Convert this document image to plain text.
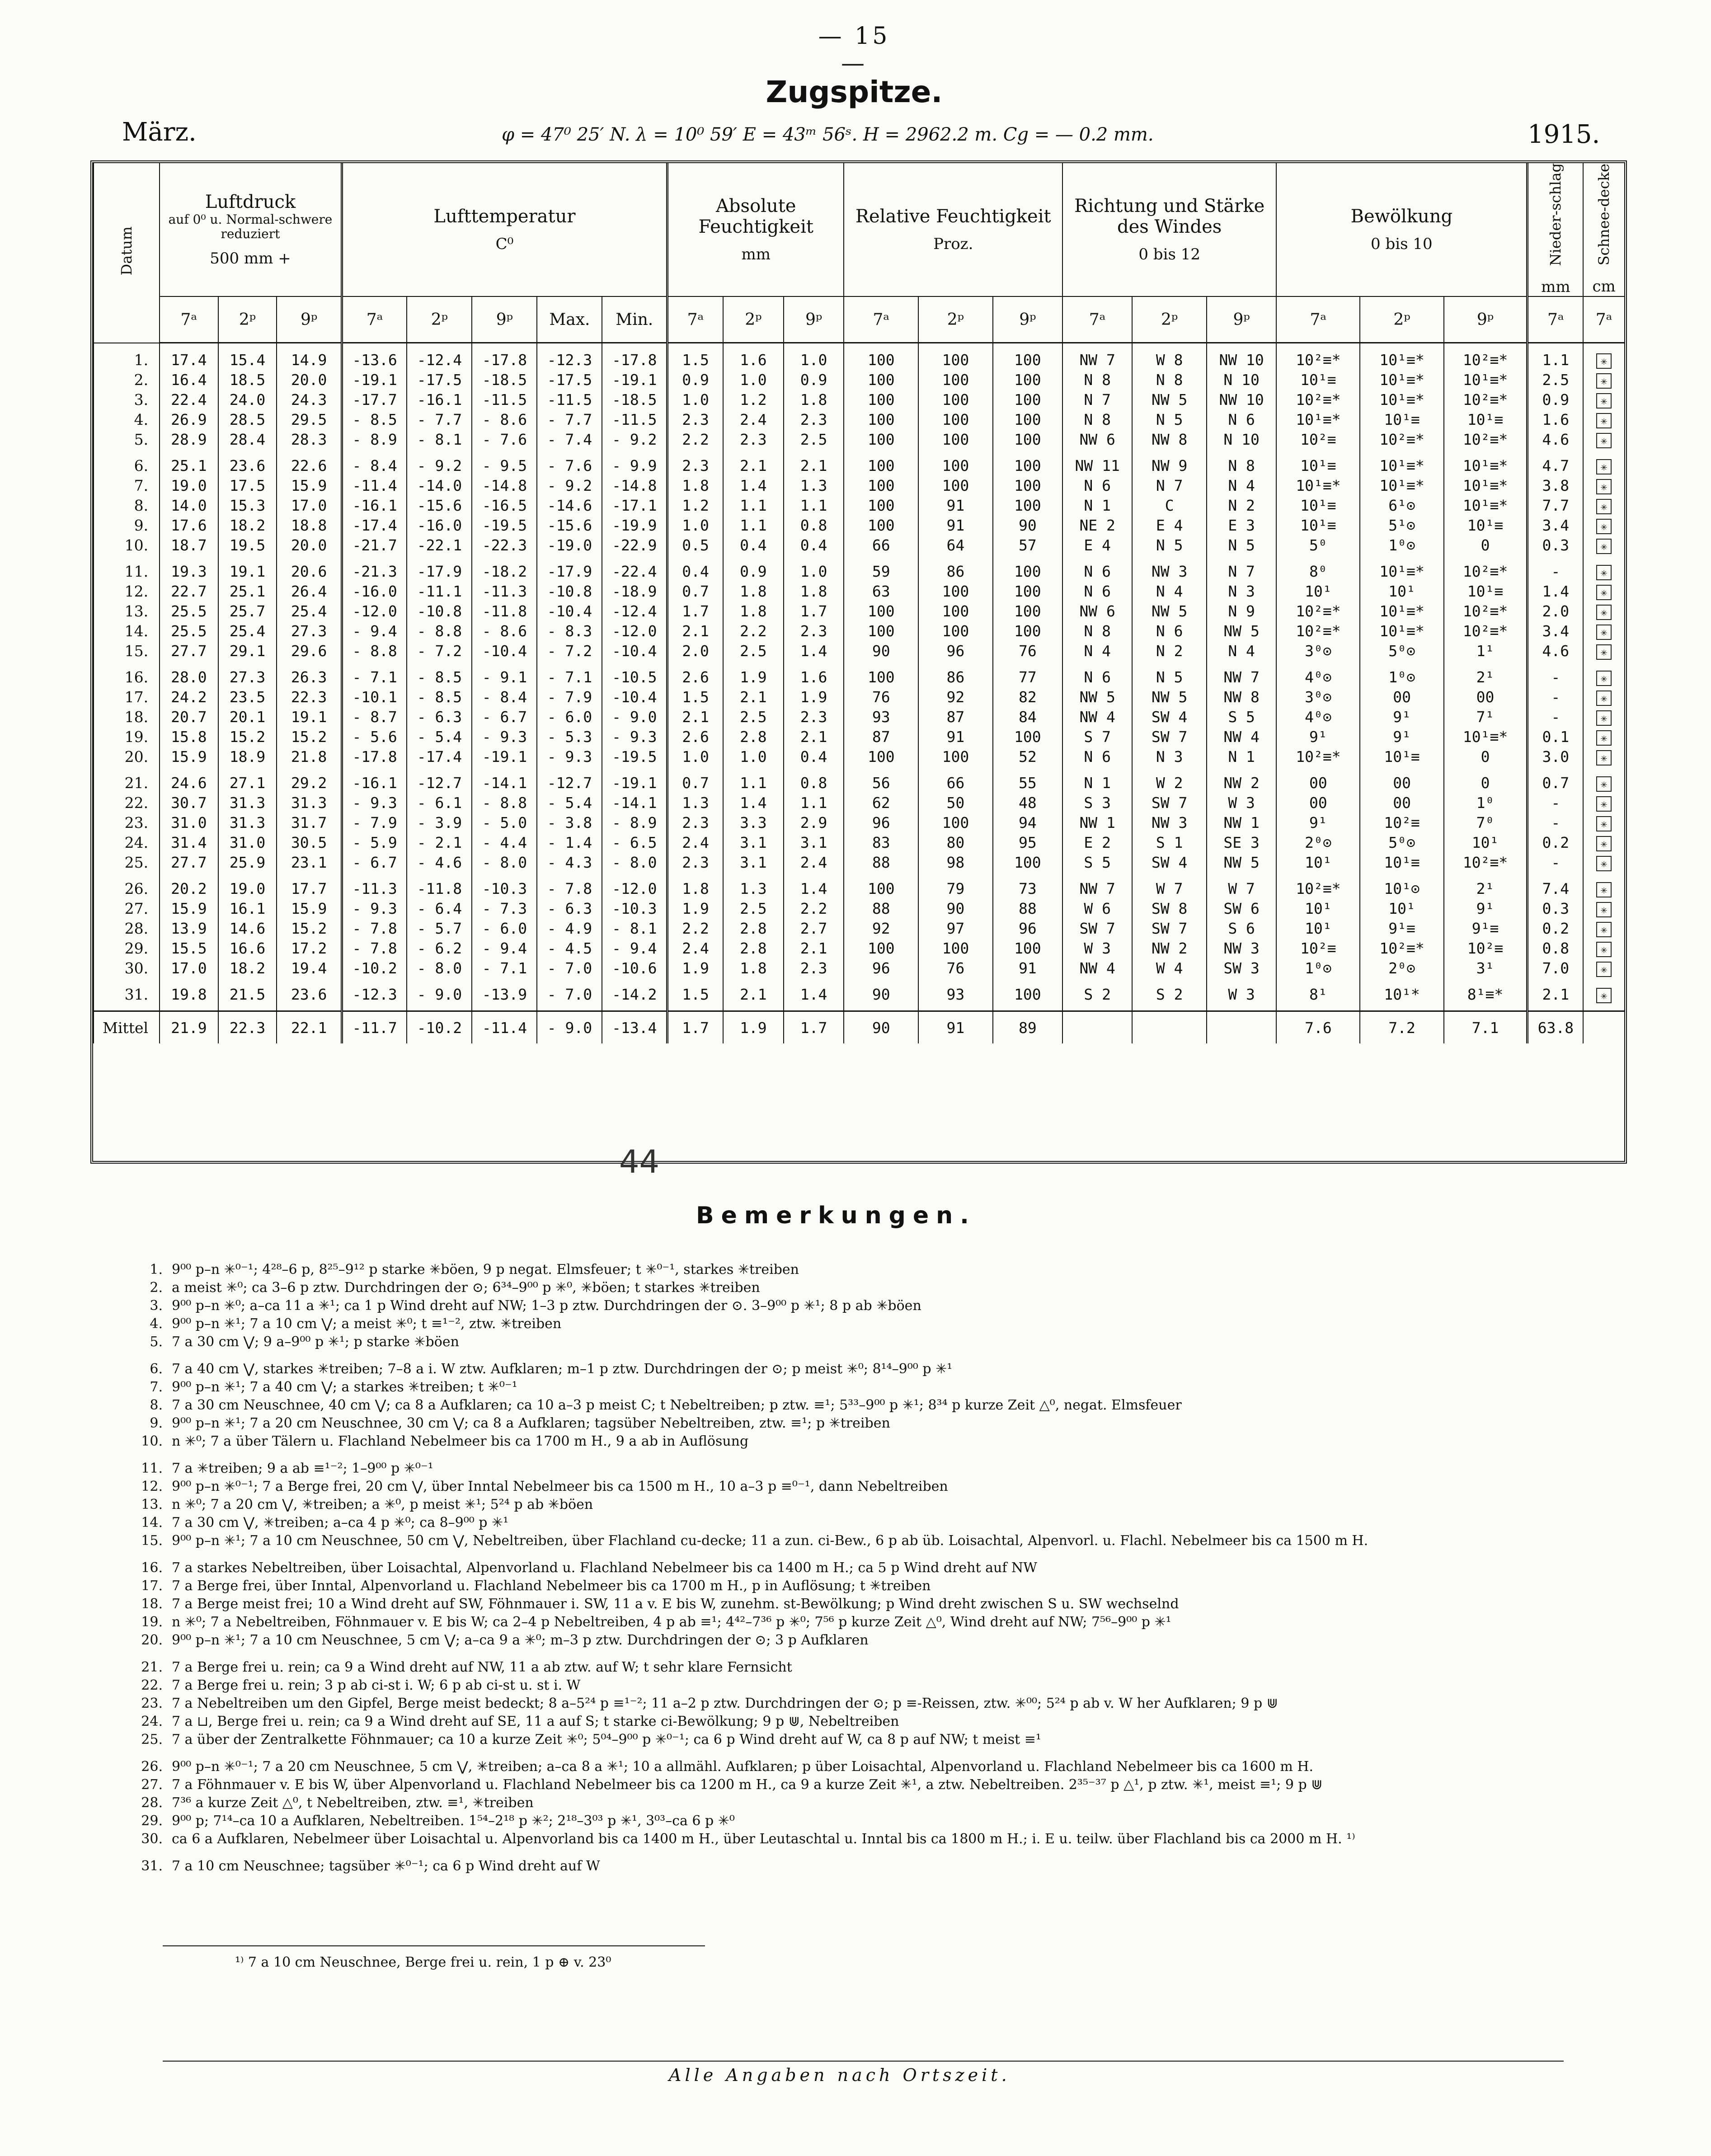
— 15 —
Zugspitze.
März.	φ = 47⁰ 25′ N. λ = 10⁰ 59′ E = 43ᵐ 56ˢ. H = 2962.2 m. Cg = — 0.2 mm.	1915.
Datum	Luftdruck
auf 0⁰ u. Normal-schwere reduziert
500 mm +			Lufttemperatur
C⁰					Absolute Feuchtigkeit
mm			Relative Feuchtigkeit
Proz.			Richtung und Stärke des Windes
0 bis 12			Bewölkung
0 bis 10			Nieder-schlag
mm	Schnee-decke
cm

	7ᵃ	2ᵖ	9ᵖ	7ᵃ	2ᵖ	9ᵖ	Max.	Min.	7ᵃ	2ᵖ	9ᵖ	7ᵃ	2ᵖ	9ᵖ	7ᵃ	2ᵖ	9ᵖ	7ᵃ	2ᵖ	9ᵖ	7ᵃ	7ᵃ

1.	17.4	15.4	14.9	-13.6	-12.4	-17.8	-12.3	-17.8	1.5	1.6	1.0	100	100	100	NW 7	W 8	NW 10	10²≡*	10¹≡*	10²≡*	1.1	✳
2.	16.4	18.5	20.0	-19.1	-17.5	-18.5	-17.5	-19.1	0.9	1.0	0.9	100	100	100	N 8	N 8	N 10	10¹≡	10¹≡*	10¹≡*	2.5	✳
3.	22.4	24.0	24.3	-17.7	-16.1	-11.5	-11.5	-18.5	1.0	1.2	1.8	100	100	100	N 7	NW 5	NW 10	10²≡*	10¹≡*	10²≡*	0.9	✳
4.	26.9	28.5	29.5	- 8.5	- 7.7	- 8.6	- 7.7	-11.5	2.3	2.4	2.3	100	100	100	N 8	N 5	N 6	10¹≡*	10¹≡	10¹≡	1.6	✳
5.	28.9	28.4	28.3	- 8.9	- 8.1	- 7.6	- 7.4	- 9.2	2.2	2.3	2.5	100	100	100	NW 6	NW 8	N 10	10²≡	10²≡*	10²≡*	4.6	✳

6.	25.1	23.6	22.6	- 8.4	- 9.2	- 9.5	- 7.6	- 9.9	2.3	2.1	2.1	100	100	100	NW 11	NW 9	N 8	10¹≡	10¹≡*	10¹≡*	4.7	✳
7.	19.0	17.5	15.9	-11.4	-14.0	-14.8	- 9.2	-14.8	1.8	1.4	1.3	100	100	100	N 6	N 7	N 4	10¹≡*	10¹≡*	10¹≡*	3.8	✳
8.	14.0	15.3	17.0	-16.1	-15.6	-16.5	-14.6	-17.1	1.2	1.1	1.1	100	91	100	N 1	C	N 2	10¹≡	6¹⊙	10¹≡*	7.7	✳
9.	17.6	18.2	18.8	-17.4	-16.0	-19.5	-15.6	-19.9	1.0	1.1	0.8	100	91	90	NE 2	E 4	E 3	10¹≡	5¹⊙	10¹≡	3.4	✳
10.	18.7	19.5	20.0	-21.7	-22.1	-22.3	-19.0	-22.9	0.5	0.4	0.4	66	64	57	E 4	N 5	N 5	5⁰	1⁰⊙	0	0.3	✳

11.	19.3	19.1	20.6	-21.3	-17.9	-18.2	-17.9	-22.4	0.4	0.9	1.0	59	86	100	N 6	NW 3	N 7	8⁰	10¹≡*	10²≡*	-	✳
12.	22.7	25.1	26.4	-16.0	-11.1	-11.3	-10.8	-18.9	0.7	1.8	1.8	63	100	100	N 6	N 4	N 3	10¹	10¹	10¹≡	1.4	✳
13.	25.5	25.7	25.4	-12.0	-10.8	-11.8	-10.4	-12.4	1.7	1.8	1.7	100	100	100	NW 6	NW 5	N 9	10²≡*	10¹≡*	10²≡*	2.0	✳
14.	25.5	25.4	27.3	- 9.4	- 8.8	- 8.6	- 8.3	-12.0	2.1	2.2	2.3	100	100	100	N 8	N 6	NW 5	10²≡*	10¹≡*	10²≡*	3.4	✳
15.	27.7	29.1	29.6	- 8.8	- 7.2	-10.4	- 7.2	-10.4	2.0	2.5	1.4	90	96	76	N 4	N 2	N 4	3⁰⊙	5⁰⊙	1¹	4.6	✳

16.	28.0	27.3	26.3	- 7.1	- 8.5	- 9.1	- 7.1	-10.5	2.6	1.9	1.6	100	86	77	N 6	N 5	NW 7	4⁰⊙	1⁰⊙	2¹	-	✳
17.	24.2	23.5	22.3	-10.1	- 8.5	- 8.4	- 7.9	-10.4	1.5	2.1	1.9	76	92	82	NW 5	NW 5	NW 8	3⁰⊙	00	00	-	✳
18.	20.7	20.1	19.1	- 8.7	- 6.3	- 6.7	- 6.0	- 9.0	2.1	2.5	2.3	93	87	84	NW 4	SW 4	S 5	4⁰⊙	9¹	7¹	-	✳
19.	15.8	15.2	15.2	- 5.6	- 5.4	- 9.3	- 5.3	- 9.3	2.6	2.8	2.1	87	91	100	S 7	SW 7	NW 4	9¹	9¹	10¹≡*	0.1	✳
20.	15.9	18.9	21.8	-17.8	-17.4	-19.1	- 9.3	-19.5	1.0	1.0	0.4	100	100	52	N 6	N 3	N 1	10²≡*	10¹≡	0	3.0	✳

21.	24.6	27.1	29.2	-16.1	-12.7	-14.1	-12.7	-19.1	0.7	1.1	0.8	56	66	55	N 1	W 2	NW 2	00	00	0	0.7	✳
22.	30.7	31.3	31.3	- 9.3	- 6.1	- 8.8	- 5.4	-14.1	1.3	1.4	1.1	62	50	48	S 3	SW 7	W 3	00	00	1⁰	-	✳
23.	31.0	31.3	31.7	- 7.9	- 3.9	- 5.0	- 3.8	- 8.9	2.3	3.3	2.9	96	100	94	NW 1	NW 3	NW 1	9¹	10²≡	7⁰	-	✳
24.	31.4	31.0	30.5	- 5.9	- 2.1	- 4.4	- 1.4	- 6.5	2.4	3.1	3.1	83	80	95	E 2	S 1	SE 3	2⁰⊙	5⁰⊙	10¹	0.2	✳
25.	27.7	25.9	23.1	- 6.7	- 4.6	- 8.0	- 4.3	- 8.0	2.3	3.1	2.4	88	98	100	S 5	SW 4	NW 5	10¹	10¹≡	10²≡*	-	✳

26.	20.2	19.0	17.7	-11.3	-11.8	-10.3	- 7.8	-12.0	1.8	1.3	1.4	100	79	73	NW 7	W 7	W 7	10²≡*	10¹⊙	2¹	7.4	✳
27.	15.9	16.1	15.9	- 9.3	- 6.4	- 7.3	- 6.3	-10.3	1.9	2.5	2.2	88	90	88	W 6	SW 8	SW 6	10¹	10¹	9¹	0.3	✳
28.	13.9	14.6	15.2	- 7.8	- 5.7	- 6.0	- 4.9	- 8.1	2.2	2.8	2.7	92	97	96	SW 7	SW 7	S 6	10¹	9¹≡	9¹≡	0.2	✳
29.	15.5	16.6	17.2	- 7.8	- 6.2	- 9.4	- 4.5	- 9.4	2.4	2.8	2.1	100	100	100	W 3	NW 2	NW 3	10²≡	10²≡*	10²≡	0.8	✳
30.	17.0	18.2	19.4	-10.2	- 8.0	- 7.1	- 7.0	-10.6	1.9	1.8	2.3	96	76	91	NW 4	W 4	SW 3	1⁰⊙	2⁰⊙	3¹	7.0	✳

31.	19.8	21.5	23.6	-12.3	- 9.0	-13.9	- 7.0	-14.2	1.5	2.1	1.4	90	93	100	S 2	S 2	W 3	8¹	10¹*	8¹≡*	2.1	✳

Mittel	21.9	22.3	22.1	-11.7	-10.2	-11.4	- 9.0	-13.4	1.7	1.9	1.7	90	91	89				7.6	7.2	7.1	63.8	
44
Bemerkungen.
1. 9⁰⁰ p–n ✳⁰⁻¹; 4²⁸–6 p, 8²⁵–9¹² p starke ✳böen, 9 p negat. Elmsfeuer; t ✳⁰⁻¹, starkes ✳treiben
2. a meist ✳⁰; ca 3–6 p ztw. Durchdringen der ⊙; 6³⁴–9⁰⁰ p ✳⁰, ✳böen; t starkes ✳treiben
3. 9⁰⁰ p–n ✳⁰; a–ca 11 a ✳¹; ca 1 p Wind dreht auf NW; 1–3 p ztw. Durchdringen der ⊙. 3–9⁰⁰ p ✳¹; 8 p ab ✳böen
4. 9⁰⁰ p–n ✳¹; 7 a 10 cm ⋁; a meist ✳⁰; t ≡¹⁻², ztw. ✳treiben
5. 7 a 30 cm ⋁; 9 a–9⁰⁰ p ✳¹; p starke ✳böen
6. 7 a 40 cm ⋁, starkes ✳treiben; 7–8 a i. W ztw. Aufklaren; m–1 p ztw. Durchdringen der ⊙; p meist ✳⁰; 8¹⁴–9⁰⁰ p ✳¹
7. 9⁰⁰ p–n ✳¹; 7 a 40 cm ⋁; a starkes ✳treiben; t ✳⁰⁻¹
8. 7 a 30 cm Neuschnee, 40 cm ⋁; ca 8 a Aufklaren; ca 10 a–3 p meist C; t Nebeltreiben; p ztw. ≡¹; 5³³–9⁰⁰ p ✳¹; 8³⁴ p kurze Zeit △⁰, negat. Elmsfeuer
9. 9⁰⁰ p–n ✳¹; 7 a 20 cm Neuschnee, 30 cm ⋁; ca 8 a Aufklaren; tagsüber Nebeltreiben, ztw. ≡¹; p ✳treiben
10. n ✳⁰; 7 a über Tälern u. Flachland Nebelmeer bis ca 1700 m H., 9 a ab in Auflösung
11. 7 a ✳treiben; 9 a ab ≡¹⁻²; 1–9⁰⁰ p ✳⁰⁻¹
12. 9⁰⁰ p–n ✳⁰⁻¹; 7 a Berge frei, 20 cm ⋁, über Inntal Nebelmeer bis ca 1500 m H., 10 a–3 p ≡⁰⁻¹, dann Nebeltreiben
13. n ✳⁰; 7 a 20 cm ⋁, ✳treiben; a ✳⁰, p meist ✳¹; 5²⁴ p ab ✳böen
14. 7 a 30 cm ⋁, ✳treiben; a–ca 4 p ✳⁰; ca 8–9⁰⁰ p ✳¹
15. 9⁰⁰ p–n ✳¹; 7 a 10 cm Neuschnee, 50 cm ⋁, Nebeltreiben, über Flachland cu-decke; 11 a zun. ci-Bew., 6 p ab üb. Loisachtal, Alpenvorl. u. Flachl. Nebelmeer bis ca 1500 m H.
16. 7 a starkes Nebeltreiben, über Loisachtal, Alpenvorland u. Flachland Nebelmeer bis ca 1400 m H.; ca 5 p Wind dreht auf NW
17. 7 a Berge frei, über Inntal, Alpenvorland u. Flachland Nebelmeer bis ca 1700 m H., p in Auflösung; t ✳treiben
18. 7 a Berge meist frei; 10 a Wind dreht auf SW, Föhnmauer i. SW, 11 a v. E bis W, zunehm. st-Bewölkung; p Wind dreht zwischen S u. SW wechselnd
19. n ✳⁰; 7 a Nebeltreiben, Föhnmauer v. E bis W; ca 2–4 p Nebeltreiben, 4 p ab ≡¹; 4⁴²–7³⁶ p ✳⁰; 7⁵⁶ p kurze Zeit △⁰, Wind dreht auf NW; 7⁵⁶–9⁰⁰ p ✳¹
20. 9⁰⁰ p–n ✳¹; 7 a 10 cm Neuschnee, 5 cm ⋁; a–ca 9 a ✳⁰; m–3 p ztw. Durchdringen der ⊙; 3 p Aufklaren
21. 7 a Berge frei u. rein; ca 9 a Wind dreht auf NW, 11 a ab ztw. auf W; t sehr klare Fernsicht
22. 7 a Berge frei u. rein; 3 p ab ci-st i. W; 6 p ab ci-st u. st i. W
23. 7 a Nebeltreiben um den Gipfel, Berge meist bedeckt; 8 a–5²⁴ p ≡¹⁻²; 11 a–2 p ztw. Durchdringen der ⊙; p ≡-Reissen, ztw. ✳⁰⁰; 5²⁴ p ab v. W her Aufklaren; 9 p ⋓
24. 7 a ⊔, Berge frei u. rein; ca 9 a Wind dreht auf SE, 11 a auf S; t starke ci-Bewölkung; 9 p ⋓, Nebeltreiben
25. 7 a über der Zentralkette Föhnmauer; ca 10 a kurze Zeit ✳⁰; 5⁰⁴–9⁰⁰ p ✳⁰⁻¹; ca 6 p Wind dreht auf W, ca 8 p auf NW; t meist ≡¹
26. 9⁰⁰ p–n ✳⁰⁻¹; 7 a 20 cm Neuschnee, 5 cm ⋁, ✳treiben; a–ca 8 a ✳¹; 10 a allmähl. Aufklaren; p über Loisachtal, Alpenvorland u. Flachland Nebelmeer bis ca 1600 m H.
27. 7 a Föhnmauer v. E bis W, über Alpenvorland u. Flachland Nebelmeer bis ca 1200 m H., ca 9 a kurze Zeit ✳¹, a ztw. Nebeltreiben. 2³⁵⁻³⁷ p △¹, p ztw. ✳¹, meist ≡¹; 9 p ⋓
28. 7³⁶ a kurze Zeit △⁰, t Nebeltreiben, ztw. ≡¹, ✳treiben
29. 9⁰⁰ p; 7¹⁴–ca 10 a Aufklaren, Nebeltreiben. 1⁵⁴–2¹⁸ p ✳²; 2¹⁸–3⁰³ p ✳¹, 3⁰³–ca 6 p ✳⁰
30. ca 6 a Aufklaren, Nebelmeer über Loisachtal u. Alpenvorland bis ca 1400 m H., über Leutaschtal u. Inntal bis ca 1800 m H.; i. E u. teilw. über Flachland bis ca 2000 m H. ¹⁾
31. 7 a 10 cm Neuschnee; tagsüber ✳⁰⁻¹; ca 6 p Wind dreht auf W
¹⁾ 7 a 10 cm Neuschnee, Berge frei u. rein, 1 p ⊕ v. 23⁰
Alle Angaben nach Ortszeit.
